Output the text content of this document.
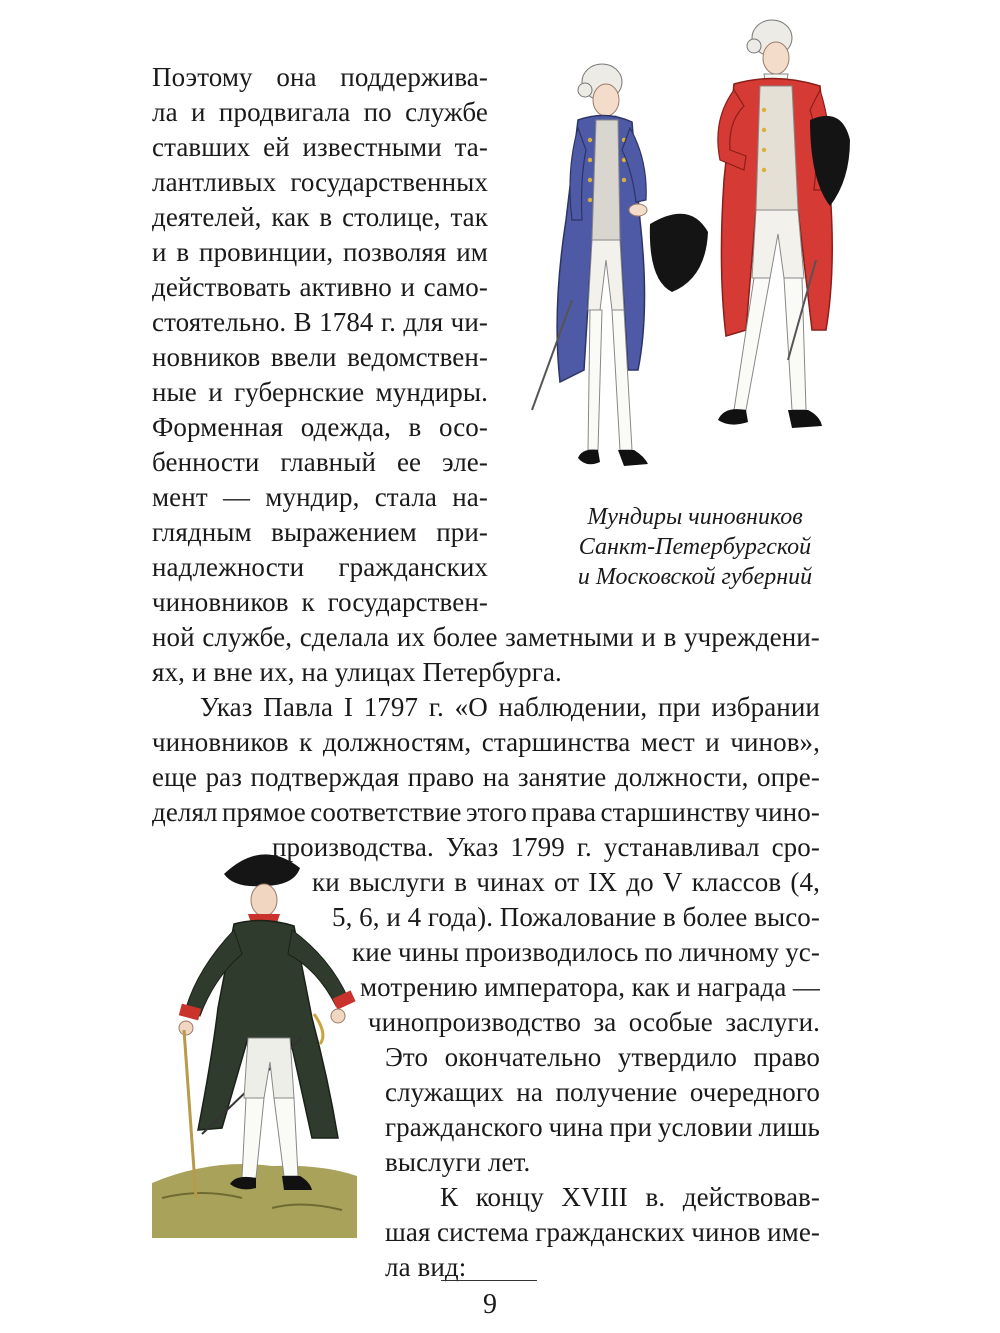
Поэтому она поддержива-
ла и продвигала по службе
ставших ей известными та-
лантливых государственных
деятелей, как в столице, так
и в провинции, позволяя им
действовать активно и само-
стоятельно. В 1784 г. для чи-
новников ввели ведомствен-
ные и губернские мундиры.
Форменная одежда, в осо-
бенности главный ее эле-
мент — мундир, стала на-
глядным выражением при-
надлежности гражданских
чиновников к государствен-
ной службе, сделала их более заметными и в учреждени-
ях, и вне их, на улицах Петербурга.
Мундиры чиновников
Санкт-Петербургской
и Московской губерний
Указ Павла I 1797 г. «О наблюдении, при избрании
чиновников к должностям, старшинства мест и чинов»,
еще раз подтверждая право на занятие должности, опре-
делял прямое соответствие этого права старшинству чино-
производства. Указ 1799 г. устанавливал сро-
ки выслуги в чинах от IX до V классов (4,
5, 6, и 4 года). Пожалование в более высо-
кие чины производилось по личному ус-
мотрению императора, как и награда —
чинопроизводство за особые заслуги.
Это окончательно утвердило право
служащих на получение очередного
гражданского чина при условии лишь
выслуги лет.
К концу XVIII в. действовав-
шая система гражданских чинов име-
ла вид:
9
